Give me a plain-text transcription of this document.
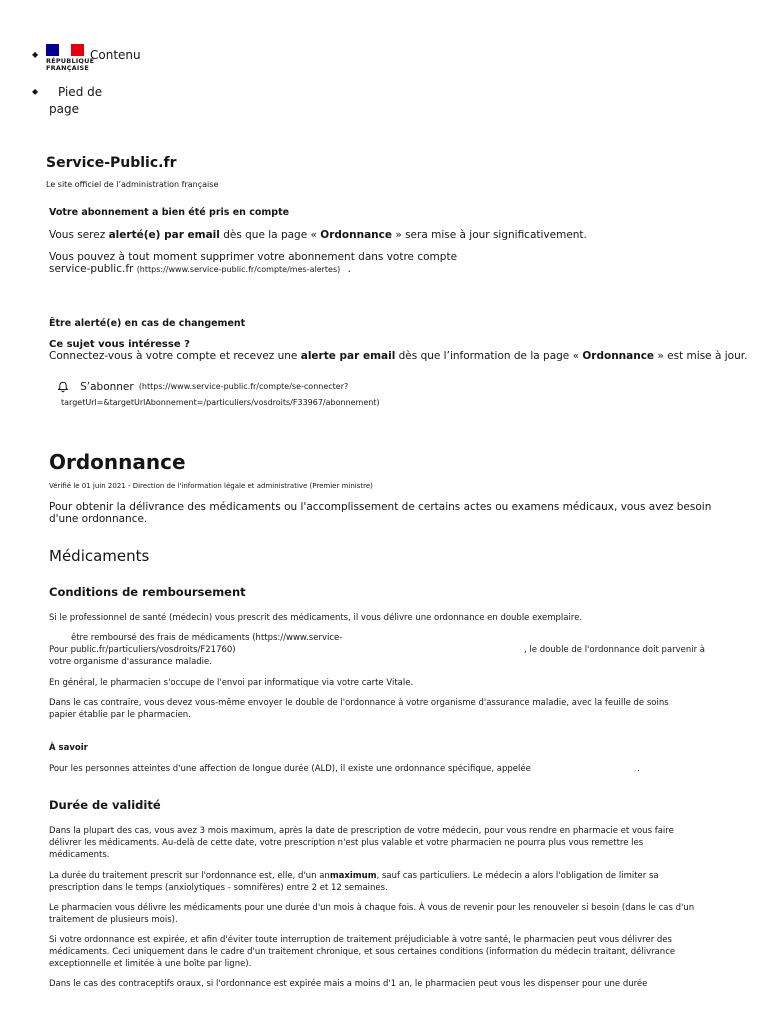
◆	Contenu
◆ Pied de
page
RÉPUBLIQUE
FRANÇAISE
Service-Public.fr
Le site officiel de l’administration française
Votre abonnement a bien été pris en compte
Vous serez alerté(e) par email dès que la page « Ordonnance » sera mise à jour significativement.
Vous pouvez à tout moment supprimer votre abonnement dans votre compte
service-public.fr (https://www.service-public.fr/compte/mes-alertes) .
Être alerté(e) en cas de changement
Ce sujet vous intéresse ?
Connectez-vous à votre compte et recevez une alerte par email dès que l’information de la page « Ordonnance » est mise à jour.
S’abonner (https://www.service-public.fr/compte/se-connecter?
targetUrl=&targetUrlAbonnement=/particuliers/vosdroits/F33967/abonnement)
Ordonnance
Vérifié le 01 juin 2021 - Direction de l'information légale et administrative (Premier ministre)
Pour obtenir la délivrance des médicaments ou l'accomplissement de certains actes ou examens médicaux, vous avez besoin
d'une ordonnance.
Médicaments
Conditions de remboursement
Si le professionnel de santé (médecin) vous prescrit des médicaments, il vous délivre une ordonnance en double exemplaire.
être remboursé des frais de médicaments (https://www.service-
Pour public.fr/particuliers/vosdroits/F21760)	, le double de l'ordonnance doit parvenir à
votre organisme d'assurance maladie.
En général, le pharmacien s'occupe de l'envoi par informatique via votre carte Vitale.
Dans le cas contraire, vous devez vous-même envoyer le double de l'ordonnance à votre organisme d'assurance maladie, avec la feuille de soins
papier établie par le pharmacien.
À savoir
Pour les personnes atteintes d'une affection de longue durée (ALD), il existe une ordonnance spécifique, appelée	.
Durée de validité
Dans la plupart des cas, vous avez 3 mois maximum, après la date de prescription de votre médecin, pour vous rendre en pharmacie et vous faire
délivrer les médicaments. Au-delà de cette date, votre prescription n'est plus valable et votre pharmacien ne pourra plus vous remettre les
médicaments.
La durée du traitement prescrit sur l'ordonnance est, elle, d'un anmaximum, sauf cas particuliers. Le médecin a alors l'obligation de limiter sa
prescription dans le temps (anxiolytiques - somnifères) entre 2 et 12 semaines.
Le pharmacien vous délivre les médicaments pour une durée d'un mois à chaque fois. À vous de revenir pour les renouveler si besoin (dans le cas d'un
traitement de plusieurs mois).
Si votre ordonnance est expirée, et afin d'éviter toute interruption de traitement préjudiciable à votre santé, le pharmacien peut vous délivrer des
médicaments. Ceci uniquement dans le cadre d'un traitement chronique, et sous certaines conditions (information du médecin traitant, délivrance
exceptionnelle et limitée à une boîte par ligne).
Dans le cas des contraceptifs oraux, si l'ordonnance est expirée mais a moins d'1 an, le pharmacien peut vous les dispenser pour une durée
